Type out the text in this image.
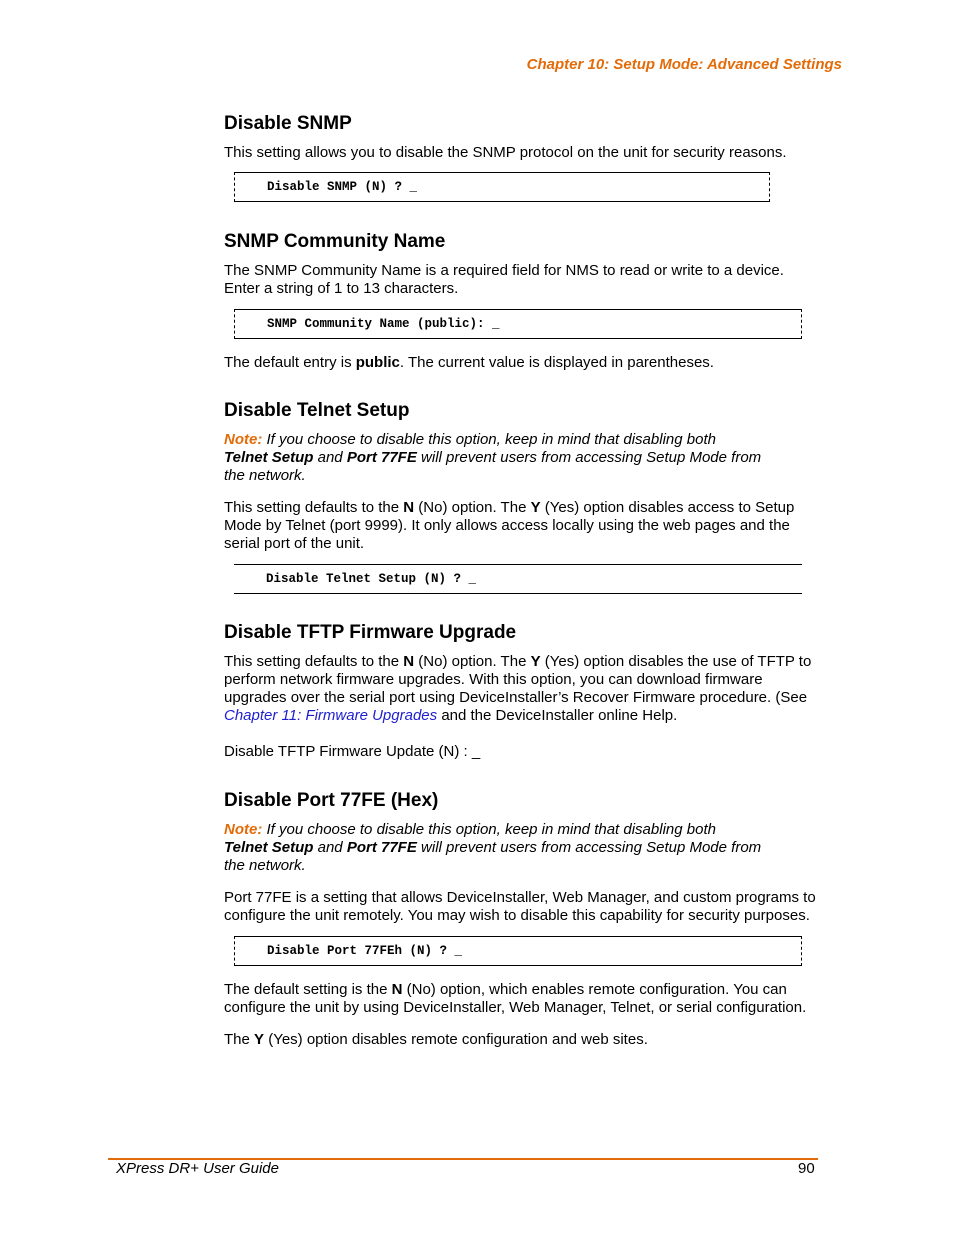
Chapter 10: Setup Mode: Advanced Settings
Disable SNMP

This setting allows you to disable the SNMP protocol on the unit for security reasons.

Disable SNMP (N) ? _
SNMP Community Name

The SNMP Community Name is a required field for NMS to read or write to a device.

Enter a string of 1 to 13 characters.

SNMP Community Name (public): _

The default entry is public. The current value is displayed in parentheses.

Disable Telnet Setup

Note: If you choose to disable this option, keep in mind that disabling both

Telnet Setup and Port 77FE will prevent users from accessing Setup Mode from

the network.

This setting defaults to the N (No) option. The Y (Yes) option disables access to Setup

Mode by Telnet (port 9999). It only allows access locally using the web pages and the

serial port of the unit.

Disable Telnet Setup (N) ? _
Disable TFTP Firmware Upgrade

This setting defaults to the N (No) option. The Y (Yes) option disables the use of TFTP to

perform network firmware upgrades. With this option, you can download firmware

upgrades over the serial port using DeviceInstaller’s Recover Firmware procedure. (See

Chapter 11: Firmware Upgrades and the DeviceInstaller online Help.

Disable TFTP Firmware Update (N) : _

Disable Port 77FE (Hex)

Note: If you choose to disable this option, keep in mind that disabling both

Telnet Setup and Port 77FE will prevent users from accessing Setup Mode from

the network.

Port 77FE is a setting that allows DeviceInstaller, Web Manager, and custom programs to

configure the unit remotely. You may wish to disable this capability for security purposes.

Disable Port 77FEh (N) ? _

The default setting is the N (No) option, which enables remote configuration. You can

configure the unit by using DeviceInstaller, Web Manager, Telnet, or serial configuration.

The Y (Yes) option disables remote configuration and web sites.

XPress DR+ User Guide	90
